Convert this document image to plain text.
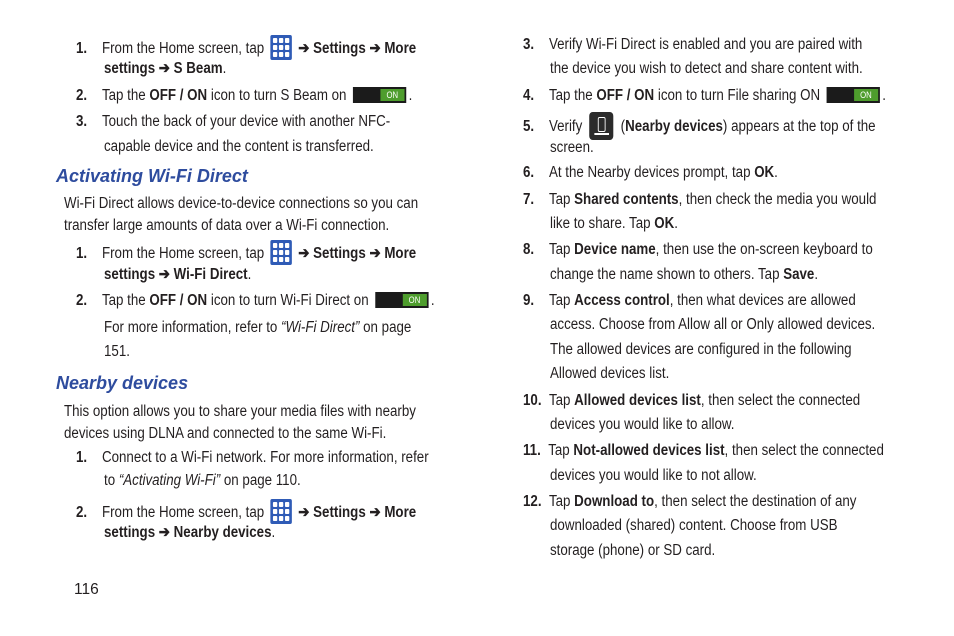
1. From the Home screen, tap ➔ Settings ➔ More
settings ➔ S Beam.
2. Tap the OFF / ON icon to turn S Beam on	ON .
3. Touch the back of your device with another NFC-
capable device and the content is transferred.
Activating Wi-Fi Direct
Wi-Fi Direct allows device-to-device connections so you can
transfer large amounts of data over a Wi-Fi connection.
1. From the Home screen, tap ➔ Settings ➔ More
settings ➔ Wi-Fi Direct.
2. Tap the OFF / ON icon to turn Wi-Fi Direct on	ON .
For more information, refer to “Wi-Fi Direct” on page
151.
Nearby devices
This option allows you to share your media files with nearby
devices using DLNA and connected to the same Wi-Fi.
1. Connect to a Wi-Fi network. For more information, refer
to “Activating Wi-Fi” on page 110.
2. From the Home screen, tap ➔ Settings ➔ More
settings ➔ Nearby devices.
3. Verify Wi-Fi Direct is enabled and you are paired with
the device you wish to detect and share content with.
4. Tap the OFF / ON icon to turn File sharing ON	ON .
5. Verify (Nearby devices) appears at the top of the
screen.
6. At the Nearby devices prompt, tap OK.
7. Tap Shared contents, then check the media you would
like to share. Tap OK.
8. Tap Device name, then use the on-screen keyboard to
change the name shown to others. Tap Save.
9. Tap Access control, then what devices are allowed
access. Choose from Allow all or Only allowed devices.
The allowed devices are configured in the following
Allowed devices list.
10. Tap Allowed devices list, then select the connected
devices you would like to allow.
11. Tap Not-allowed devices list, then select the connected
devices you would like to not allow.
12. Tap Download to, then select the destination of any
downloaded (shared) content. Choose from USB
storage (phone) or SD card.
116
